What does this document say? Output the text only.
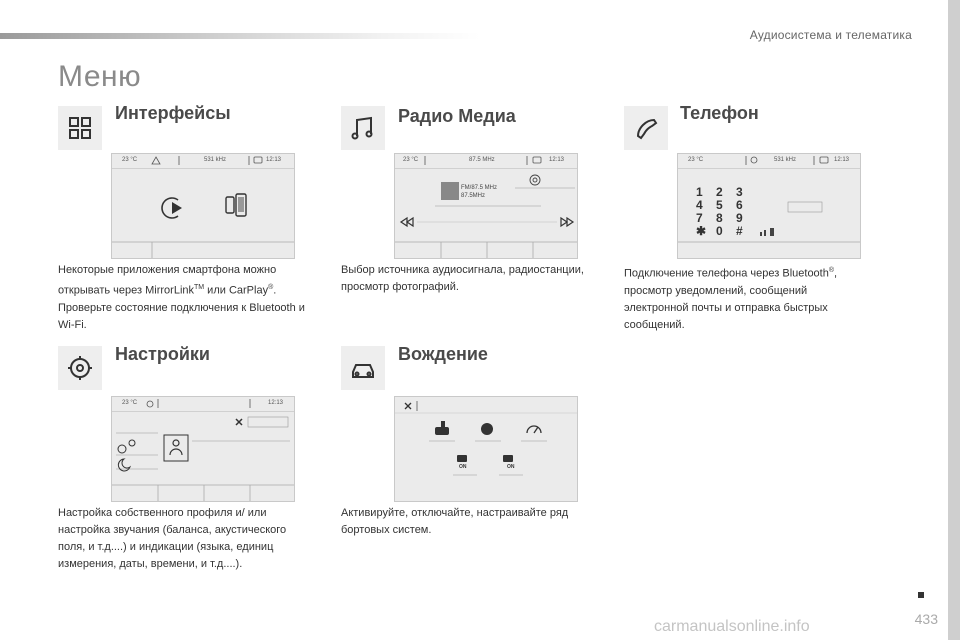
Аудиосистема и телематика
Меню
Интерфейсы
23 °C	531 kHz	12:13

Некоторые приложения смартфона можно открывать через MirrorLink™ или CarPlay®. Проверьте состояние подключения к Bluetooth и Wi-Fi.

Радио Медиа
23 °C	87.5 MHz	12:13
FM/87.5 MHz
87.5MHz

Выбор источника аудиосигнала, радиостанции, просмотр фотографий.

Телефон
23 °C	531 kHz	12:13
1	2	3
4	5	6
7	8	9
✱ 0	#

Подключение телефона через Bluetooth®, просмотр уведомлений, сообщений электронной почты и отправка быстрых сообщений.

Настройки
23 °C	12:13

Настройка собственного профиля и/ или настройка звучания (баланса, акустического поля, и т.д....) и индикации (языка, единиц измерения, даты, времени, и т.д....).

Вождение
ON	ON

Активируйте, отключайте, настраивайте ряд бортовых систем.

433
carmanualsonline.info
